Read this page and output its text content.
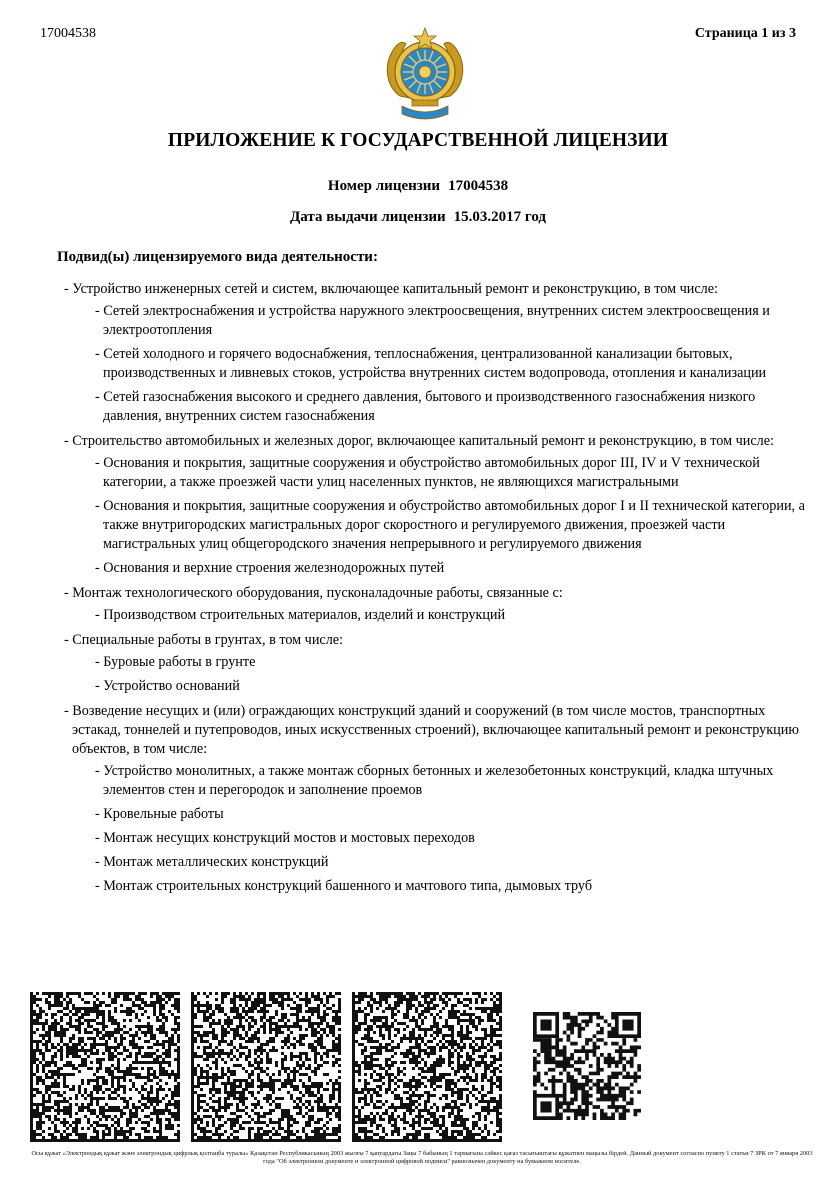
17004538	Страница 1 из 3
ПРИЛОЖЕНИЕ К ГОСУДАРСТВЕННОЙ ЛИЦЕНЗИИ
Номер лицензии 17004538
Дата выдачи лицензии 15.03.2017 год
Подвид(ы) лицензируемого вида деятельности:
- Устройство инженерных сетей и систем, включающее капитальный ремонт и реконструкцию, в том числе:
- Сетей электроснабжения и устройства наружного электроосвещения, внутренних систем электроосвещения и электроотопления
- Сетей холодного и горячего водоснабжения, теплоснабжения, централизованной канализации бытовых, производственных и ливневых стоков, устройства внутренних систем водопровода, отопления и канализации
- Сетей газоснабжения высокого и среднего давления, бытового и производственного газоснабжения низкого давления, внутренних систем газоснабжения
- Строительство автомобильных и железных дорог, включающее капитальный ремонт и реконструкцию, в том числе:
- Основания и покрытия, защитные сооружения и обустройство автомобильных дорог III, IV и V технической категории, а также проезжей части улиц населенных пунктов, не являющихся магистральными
- Основания и покрытия, защитные сооружения и обустройство автомобильных дорог I и II технической категории, а также внутригородских магистральных дорог скоростного и регулируемого движения, проезжей части магистральных улиц общегородского значения непрерывного и регулируемого движения
- Основания и верхние строения железнодорожных путей
- Монтаж технологического оборудования, пусконаладочные работы, связанные с:
- Производством строительных материалов, изделий и конструкций
- Специальные работы в грунтах, в том числе:
- Буровые работы в грунте
- Устройство оснований
- Возведение несущих и (или) ограждающих конструкций зданий и сооружений (в том числе мостов, транспортных эстакад, тоннелей и путепроводов, иных искусственных строений), включающее капитальный ремонт и реконструкцию объектов, в том числе:
- Устройство монолитных, а также монтаж сборных бетонных и железобетонных конструкций, кладка штучных элементов стен и перегородок и заполнение проемов
- Кровельные работы
- Монтаж несущих конструкций мостов и мостовых переходов
- Монтаж металлических конструкций
- Монтаж строительных конструкций башенного и мачтового типа, дымовых труб
Осы құжат «Электрондық құжат және электрондық цифрлық қолтаңба туралы» Қазақстан Республикасының 2003 жылғы 7 қаңтардағы Заңы 7 бабының 1 тармағына сәйкес қағаз тасығыштағы құжатпен маңызы бірдей. Данный документ согласно пункту 1 статьи 7 ЗРК от 7 января 2003 года "Об электронном документе и электронной цифровой подписи" равнозначен документу на бумажном носителе.
